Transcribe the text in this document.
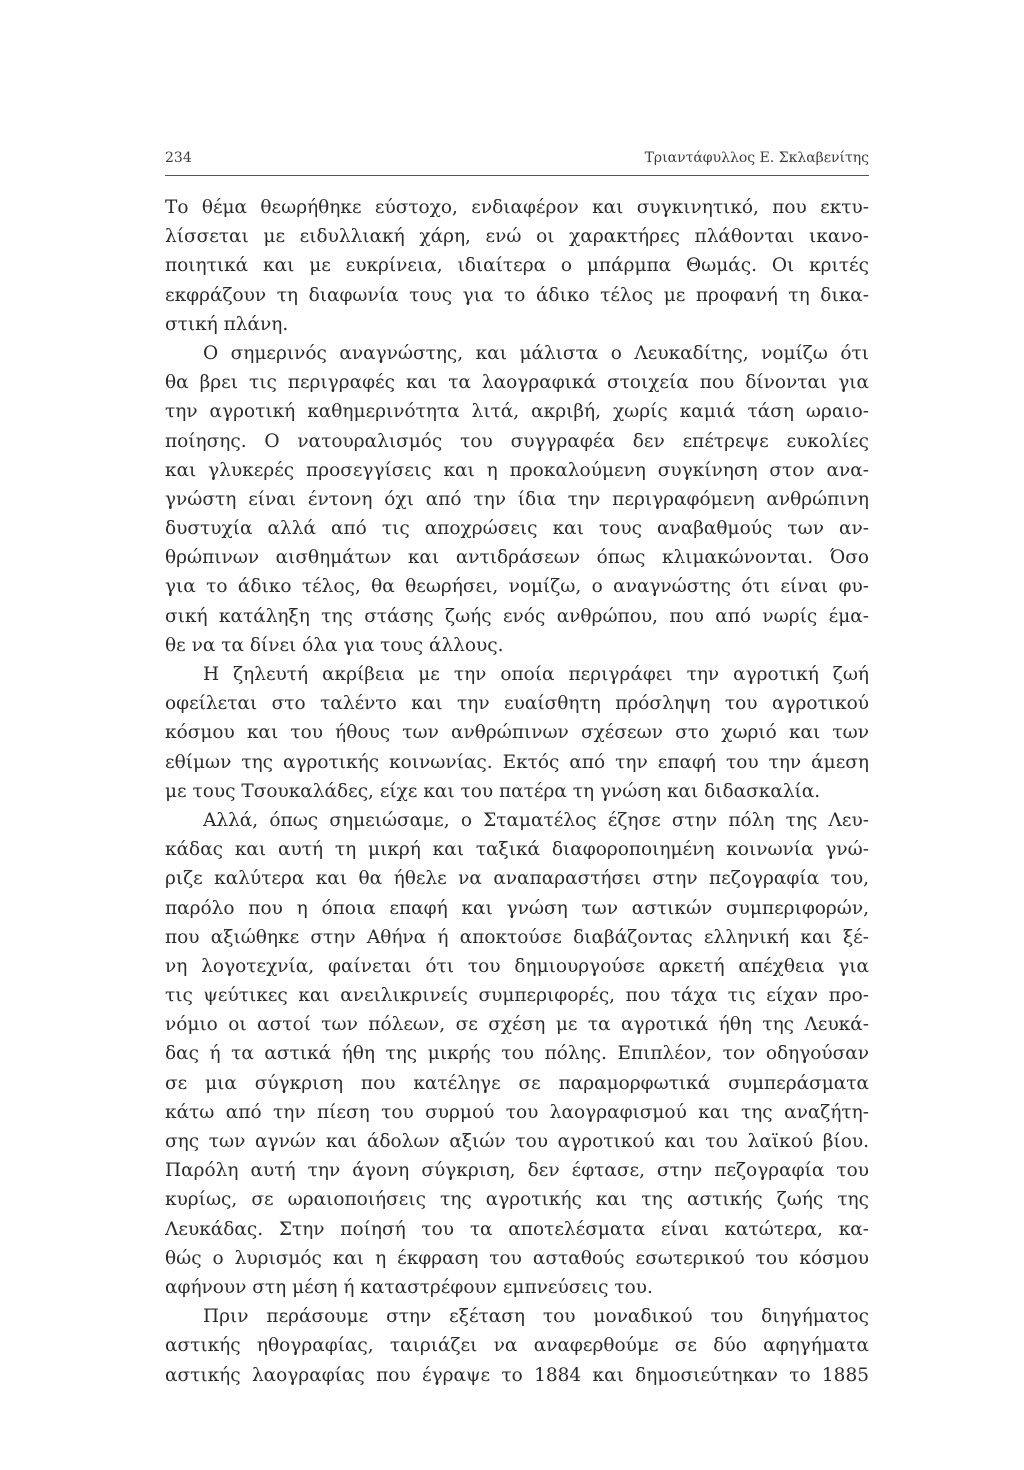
234	Τριαντάφυλλος Ε. Σκλαβενίτης
Το θέμα θεωρήθηκε εύστοχο, ενδιαφέρον και συγκινητικό, που εκτυ-
λίσσεται με ειδυλλιακή χάρη, ενώ οι χαρακτήρες πλάθονται ικανο-
ποιητικά και με ευκρίνεια, ιδιαίτερα ο μπάρμπα Θωμάς. Οι κριτές
εκφράζουν τη διαφωνία τους για το άδικο τέλος με προφανή τη δικα-
στική πλάνη.
Ο σημερινός αναγνώστης, και μάλιστα ο Λευκαδίτης, νομίζω ότι
θα βρει τις περιγραφές και τα λαογραφικά στοιχεία που δίνονται για
την αγροτική καθημερινότητα λιτά, ακριβή, χωρίς καμιά τάση ωραιο-
ποίησης. Ο νατουραλισμός του συγγραφέα δεν επέτρεψε ευκολίες
και γλυκερές προσεγγίσεις και η προκαλούμενη συγκίνηση στον ανα-
γνώστη είναι έντονη όχι από την ίδια την περιγραφόμενη ανθρώπινη
δυστυχία αλλά από τις αποχρώσεις και τους αναβαθμούς των αν-
θρώπινων αισθημάτων και αντιδράσεων όπως κλιμακώνονται. Όσο
για το άδικο τέλος, θα θεωρήσει, νομίζω, ο αναγνώστης ότι είναι φυ-
σική κατάληξη της στάσης ζωής ενός ανθρώπου, που από νωρίς έμα-
θε να τα δίνει όλα για τους άλλους.
Η ζηλευτή ακρίβεια με την οποία περιγράφει την αγροτική ζωή
οφείλεται στο ταλέντο και την ευαίσθητη πρόσληψη του αγροτικού
κόσμου και του ήθους των ανθρώπινων σχέσεων στο χωριό και των
εθίμων της αγροτικής κοινωνίας. Εκτός από την επαφή του την άμεση
με τους Τσουκαλάδες, είχε και του πατέρα τη γνώση και διδασκαλία.
Αλλά, όπως σημειώσαμε, ο Σταματέλος έζησε στην πόλη της Λευ-
κάδας και αυτή τη μικρή και ταξικά διαφοροποιημένη κοινωνία γνώ-
ριζε καλύτερα και θα ήθελε να αναπαραστήσει στην πεζογραφία του,
παρόλο που η όποια επαφή και γνώση των αστικών συμπεριφορών,
που αξιώθηκε στην Αθήνα ή αποκτούσε διαβάζοντας ελληνική και ξέ-
νη λογοτεχνία, φαίνεται ότι του δημιουργούσε αρκετή απέχθεια για
τις ψεύτικες και ανειλικρινείς συμπεριφορές, που τάχα τις είχαν προ-
νόμιο οι αστοί των πόλεων, σε σχέση με τα αγροτικά ήθη της Λευκά-
δας ή τα αστικά ήθη της μικρής του πόλης. Επιπλέον, τον οδηγούσαν
σε μια σύγκριση που κατέληγε σε παραμορφωτικά συμπεράσματα
κάτω από την πίεση του συρμού του λαογραφισμού και της αναζήτη-
σης των αγνών και άδολων αξιών του αγροτικού και του λαϊκού βίου.
Παρόλη αυτή την άγονη σύγκριση, δεν έφτασε, στην πεζογραφία του
κυρίως, σε ωραιοποιήσεις της αγροτικής και της αστικής ζωής της
Λευκάδας. Στην ποίησή του τα αποτελέσματα είναι κατώτερα, κα-
θώς ο λυρισμός και η έκφραση του ασταθούς εσωτερικού του κόσμου
αφήνουν στη μέση ή καταστρέφουν εμπνεύσεις του.
Πριν περάσουμε στην εξέταση του μοναδικού του διηγήματος
αστικής ηθογραφίας, ταιριάζει να αναφερθούμε σε δύο αφηγήματα
αστικής λαογραφίας που έγραψε το 1884 και δημοσιεύτηκαν το 1885
